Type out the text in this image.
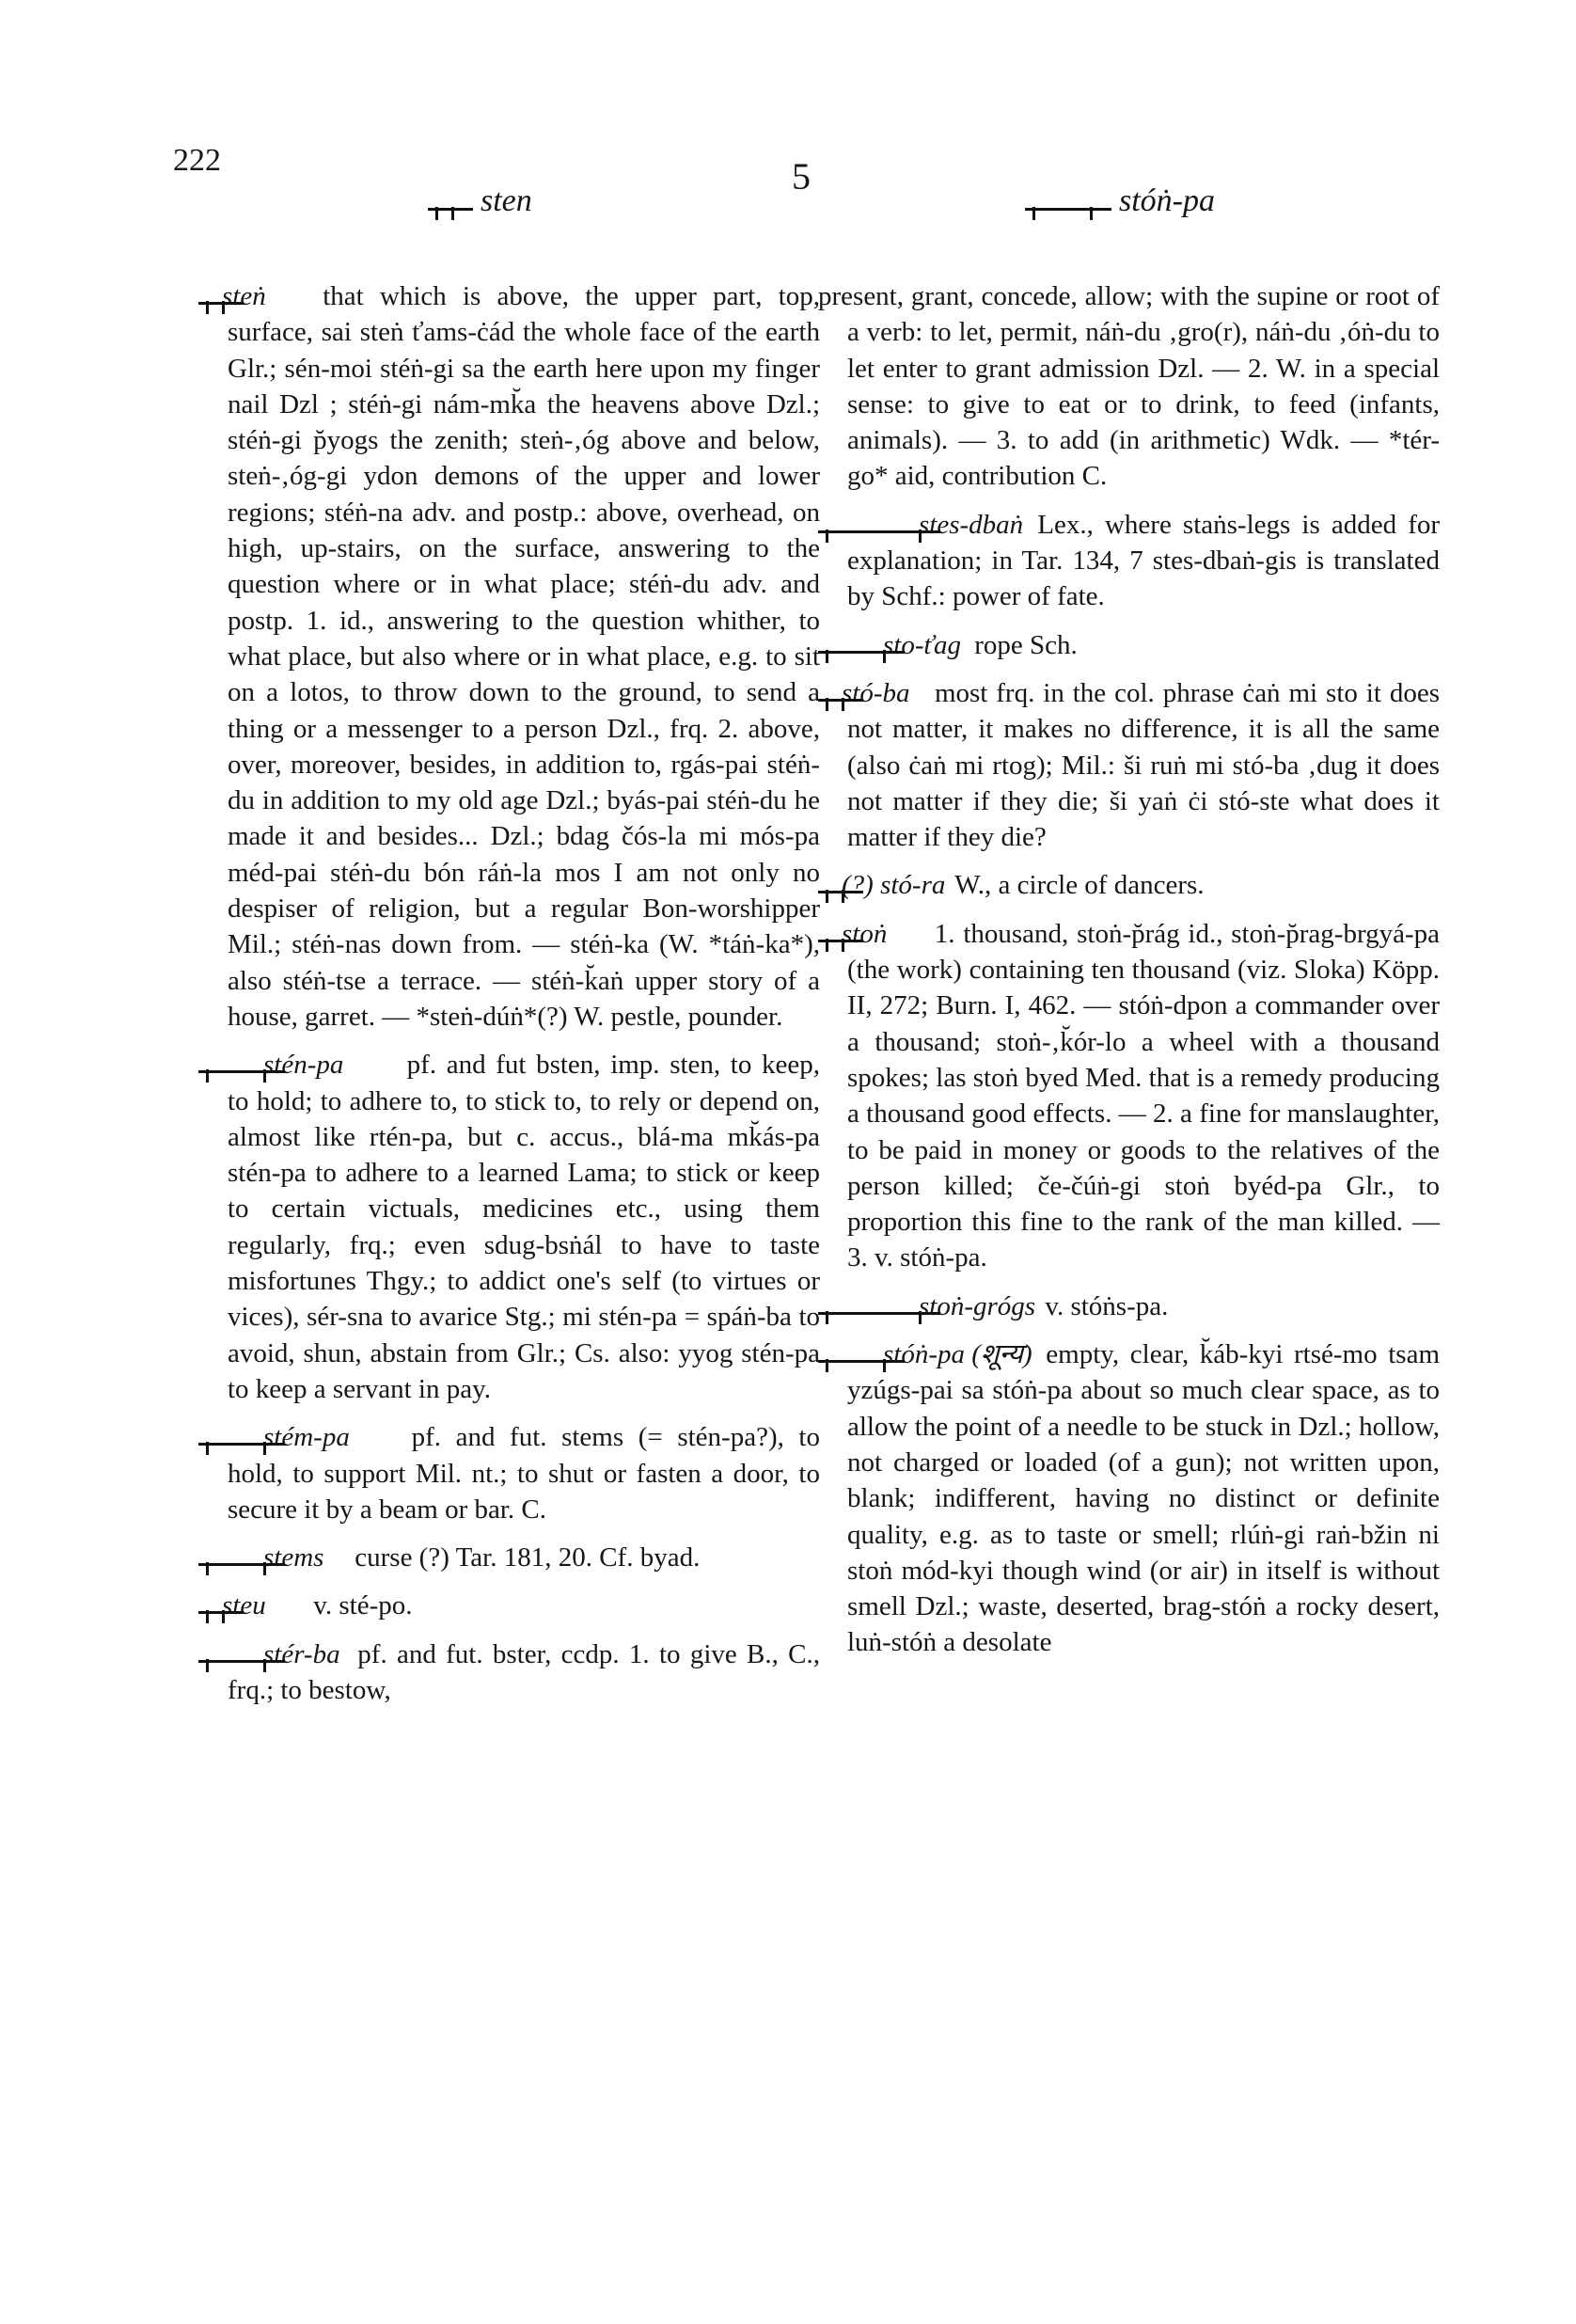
222
sten
5
stóṅ-pa

steṅ that which is above, the upper part, top, surface, sai steṅ ťams-ċád the whole face of the earth Glr.; sén-moi stéṅ-gi sa the earth here upon my finger nail Dzl ; stéṅ-gi nám-mk̆a the heavens above Dzl.; stéṅ-gi p̆yogs the zenith; steṅ-‚óg above and below, steṅ-‚óg-gi ydon demons of the upper and lower regions; stéṅ-na adv. and postp.: above, overhead, on high, up-stairs, on the surface, answering to the question where or in what place; stéṅ-du adv. and postp. 1. id., answering to the question whither, to what place, but also where or in what place, e.g. to sit on a lotos, to throw down to the ground, to send a thing or a messenger to a person Dzl., frq. 2. above, over, moreover, besides, in addition to, rgás-pai stéṅ-du in addition to my old age Dzl.; byás-pai stéṅ-du he made it and besides... Dzl.; bdag čós-la mi mós-pa méd-pai stéṅ-du bón ráṅ-la mos I am not only no despiser of religion, but a regular Bon-worshipper Mil.; stéṅ-nas down from. — stéṅ-ka (W. *táṅ-ka*), also stéṅ-tse a terrace. — stéṅ-k̆aṅ upper story of a house, garret. — *steṅ-dúṅ*(?) W. pestle, pounder.

stén-pa pf. and fut bsten, imp. sten, to keep, to hold; to adhere to, to stick to, to rely or depend on, almost like rtén-pa, but c. accus., blá-ma mk̆ás-pa stén-pa to adhere to a learned Lama; to stick or keep to certain victuals, medicines etc., using them regularly, frq.; even sdug-bsṅál to have to taste misfortunes Thgy.; to addict one's self (to virtues or vices), sér-sna to avarice Stg.; mi stén-pa = spáṅ-ba to avoid, shun, abstain from Glr.; Cs. also: yyog stén-pa to keep a servant in pay.

stém-pa pf. and fut. stems (= stén-pa?), to hold, to support Mil. nt.; to shut or fasten a door, to secure it by a beam or bar. C.

stems curse (?) Tar. 181, 20. Cf. byad.

steu v. sté-po.

stér-ba pf. and fut. bster, ccdp. 1. to give B., C., frq.; to bestow,

present, grant, concede, allow; with the supine or root of a verb: to let, permit, náṅ-du ‚gro(r), náṅ-du ‚óṅ-du to let enter to grant admission Dzl. — 2. W. in a special sense: to give to eat or to drink, to feed (infants, animals). — 3. to add (in arithmetic) Wdk. — *tér-go* aid, contribution C.

stes-dbaṅ Lex., where staṅs-legs is added for explanation; in Tar. 134, 7 stes-dbaṅ-gis is translated by Schf.: power of fate.

sto-ťag rope Sch.

stó-ba most frq. in the col. phrase ċaṅ mi sto it does not matter, it makes no difference, it is all the same (also ċaṅ mi rtog); Mil.: ši ruṅ mi stó-ba ‚dug it does not matter if they die; ši yaṅ ċi stó-ste what does it matter if they die?

(?) stó-ra W., a circle of dancers.

stoṅ 1. thousand, stoṅ-p̆rág id., stoṅ-p̆rag-brgyá-pa (the work) containing ten thousand (viz. Sloka) Köpp. II, 272; Burn. I, 462. — stóṅ-dpon a commander over a thousand; stoṅ-‚k̆ór-lo a wheel with a thousand spokes; las stoṅ byed Med. that is a remedy producing a thousand good effects. — 2. a fine for manslaughter, to be paid in money or goods to the relatives of the person killed; če-čúṅ-gi stoṅ byéd-pa Glr., to proportion this fine to the rank of the man killed. — 3. v. stóṅ-pa.

stoṅ-grógs v. stóṅs-pa.

stóṅ-pa (शून्य) empty, clear, k̆áb-kyi rtsé-mo tsam yzúgs-pai sa stóṅ-pa about so much clear space, as to allow the point of a needle to be stuck in Dzl.; hollow, not charged or loaded (of a gun); not written upon, blank; indifferent, having no distinct or definite quality, e.g. as to taste or smell; rlúṅ-gi raṅ-bžin ni stoṅ mód-kyi though wind (or air) in itself is without smell Dzl.; waste, deserted, brag-stóṅ a rocky desert, luṅ-stóṅ a desolate
